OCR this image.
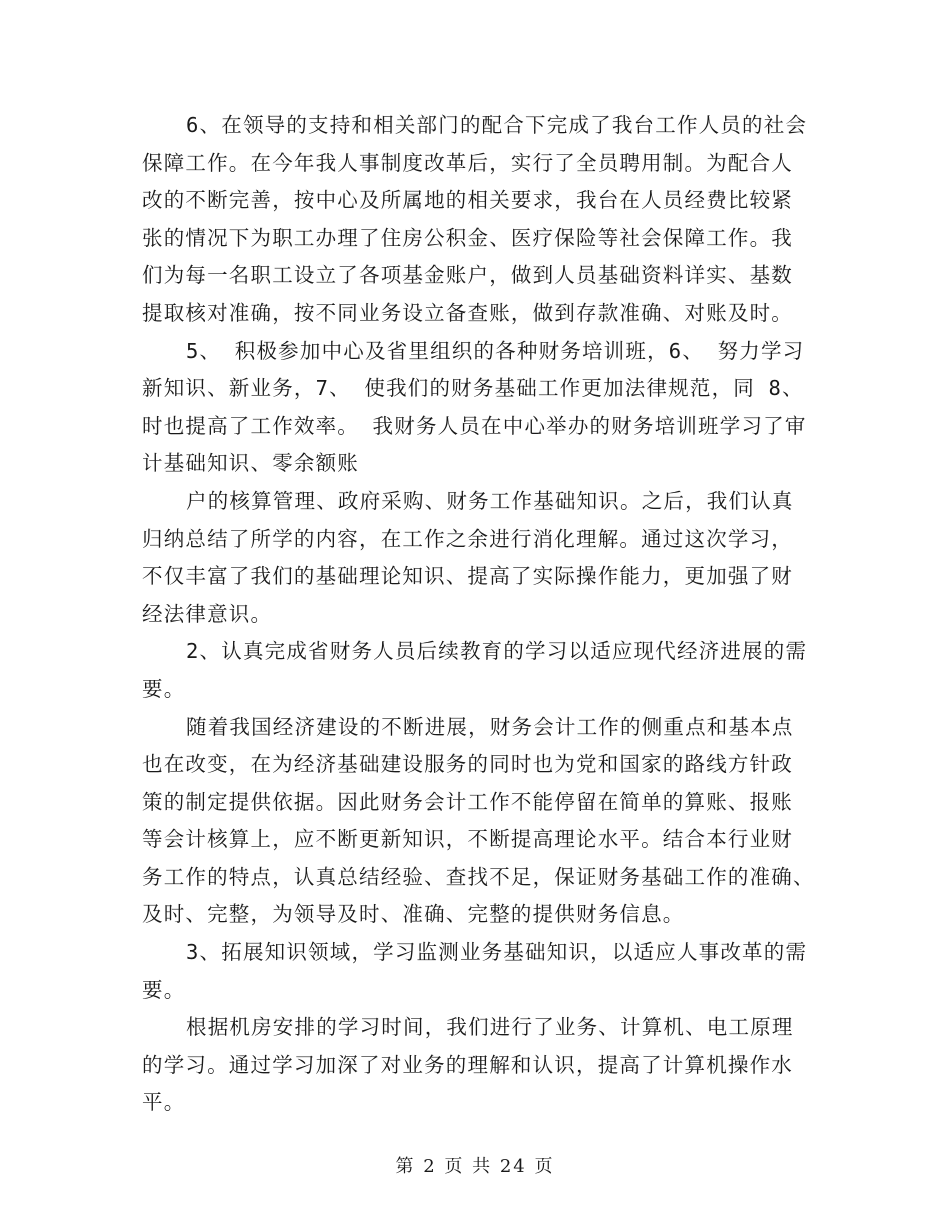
6、在领导的支持和相关部门的配合下完成了我台工作人员的社会
保障工作。在今年我人事制度改革后，实行了全员聘用制。为配合人
改的不断完善，按中心及所属地的相关要求，我台在人员经费比较紧
张的情况下为职工办理了住房公积金、医疗保险等社会保障工作。我
们为每一名职工设立了各项基金账户，做到人员基础资料详实、基数
提取核对准确，按不同业务设立备查账，做到存款准确、对账及时。
5、 积极参加中心及省里组织的各种财务培训班，6、 努力学习
新知识、新业务，7、 使我们的财务基础工作更加法律规范，同 8、
时也提高了工作效率。 我财务人员在中心举办的财务培训班学习了审
计基础知识、零余额账
户的核算管理、政府采购、财务工作基础知识。之后，我们认真
归纳总结了所学的内容，在工作之余进行消化理解。通过这次学习，
不仅丰富了我们的基础理论知识、提高了实际操作能力，更加强了财
经法律意识。
2、认真完成省财务人员后续教育的学习以适应现代经济进展的需
要。
随着我国经济建设的不断进展，财务会计工作的侧重点和基本点
也在改变，在为经济基础建设服务的同时也为党和国家的路线方针政
策的制定提供依据。因此财务会计工作不能停留在简单的算账、报账
等会计核算上，应不断更新知识，不断提高理论水平。结合本行业财
务工作的特点，认真总结经验、查找不足，保证财务基础工作的准确、
及时、完整，为领导及时、准确、完整的提供财务信息。
3、拓展知识领域，学习监测业务基础知识，以适应人事改革的需
要。
根据机房安排的学习时间，我们进行了业务、计算机、电工原理
的学习。通过学习加深了对业务的理解和认识，提高了计算机操作水
平。
第 2 页 共 24 页
